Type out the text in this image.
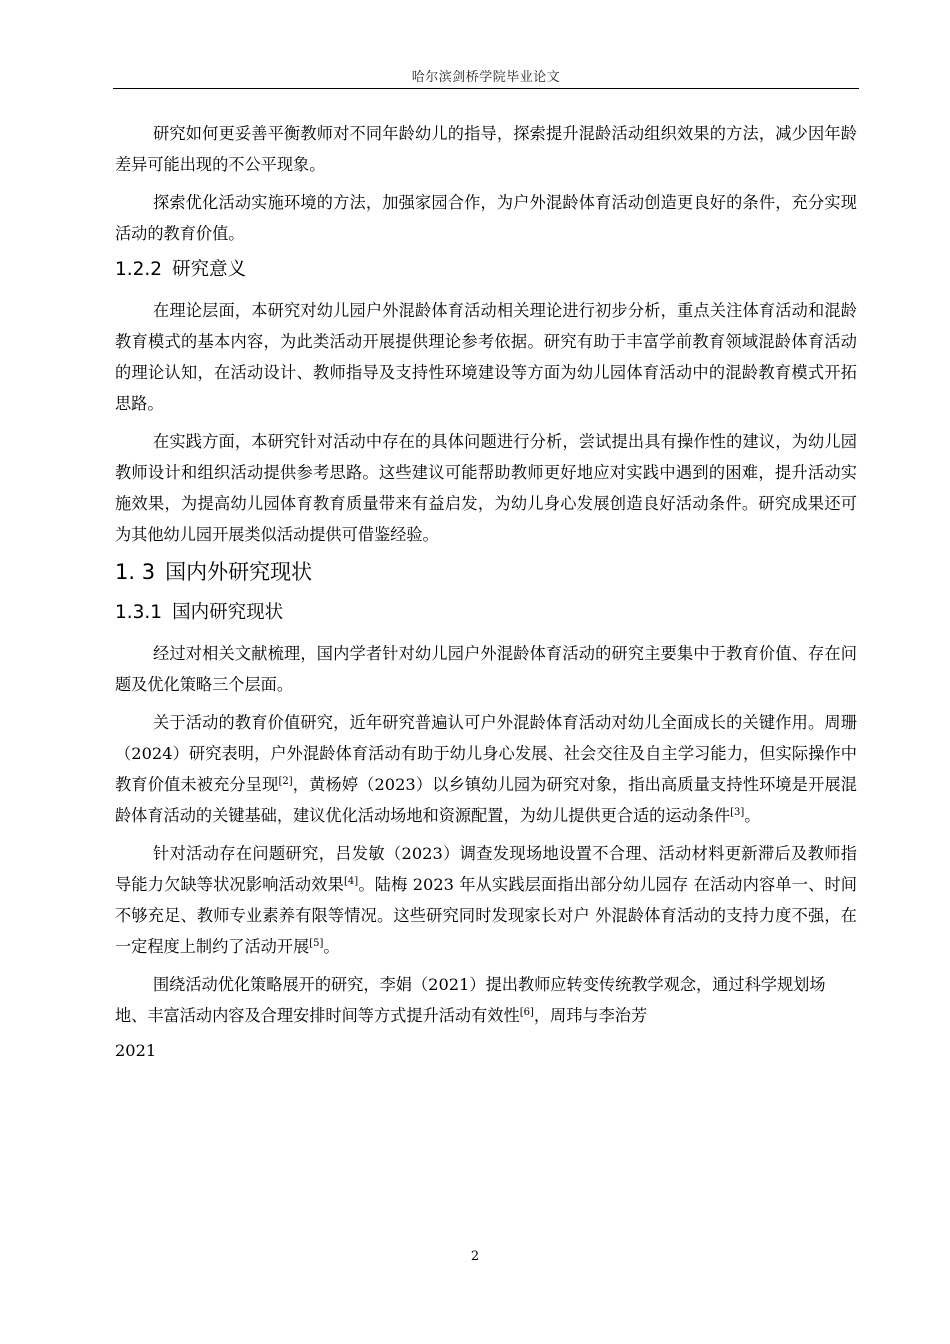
哈尔滨剑桥学院毕业论文

研究如何更妥善平衡教师对不同年龄幼儿的指导，探索提升混龄活动组织效果的方法，减少因年龄差异可能出现的不公平现象。

探索优化活动实施环境的方法，加强家园合作，为户外混龄体育活动创造更良好的条件，充分实现活动的教育价值。

1.2.2 研究意义

在理论层面，本研究对幼儿园户外混龄体育活动相关理论进行初步分析，重点关注体育活动和混龄教育模式的基本内容，为此类活动开展提供理论参考依据。研究有助于丰富学前教育领域混龄体育活动的理论认知，在活动设计、教师指导及支持性环境建设等方面为幼儿园体育活动中的混龄教育模式开拓思路。

在实践方面，本研究针对活动中存在的具体问题进行分析，尝试提出具有操作性的建议，为幼儿园教师设计和组织活动提供参考思路。这些建议可能帮助教师更好地应对实践中遇到的困难，提升活动实施效果，为提高幼儿园体育教育质量带来有益启发，为幼儿身心发展创造良好活动条件。研究成果还可为其他幼儿园开展类似活动提供可借鉴经验。

1. 3 国内外研究现状
1.3.1 国内研究现状

经过对相关文献梳理，国内学者针对幼儿园户外混龄体育活动的研究主要集中于教育价值、存在问题及优化策略三个层面。

关于活动的教育价值研究，近年研究普遍认可户外混龄体育活动对幼儿全面成长的关键作用。周珊（2024）研究表明，户外混龄体育活动有助于幼儿身心发展、社会交往及自主学习能力，但实际操作中教育价值未被充分呈现[2]，黄杨婷（2023）以乡镇幼儿园为研究对象，指出高质量支持性环境是开展混龄体育活动的关键基础，建议优化活动场地和资源配置，为幼儿提供更合适的运动条件[3]。

针对活动存在问题研究，吕发敏（2023）调查发现场地设置不合理、活动材料更新滞后及教师指导能力欠缺等状况影响活动效果[4]。陆梅 2023 年从实践层面指出部分幼儿园存 在活动内容单一、时间不够充足、教师专业素养有限等情况。这些研究同时发现家长对户 外混龄体育活动的支持力度不强，在一定程度上制约了活动开展[5]。

围绕活动优化策略展开的研究，李娟（2021）提出教师应转变传统教学观念，通过科学规划场地、丰富活动内容及合理安排时间等方式提升活动有效性[6]，周玮与李治芳

2021

2
